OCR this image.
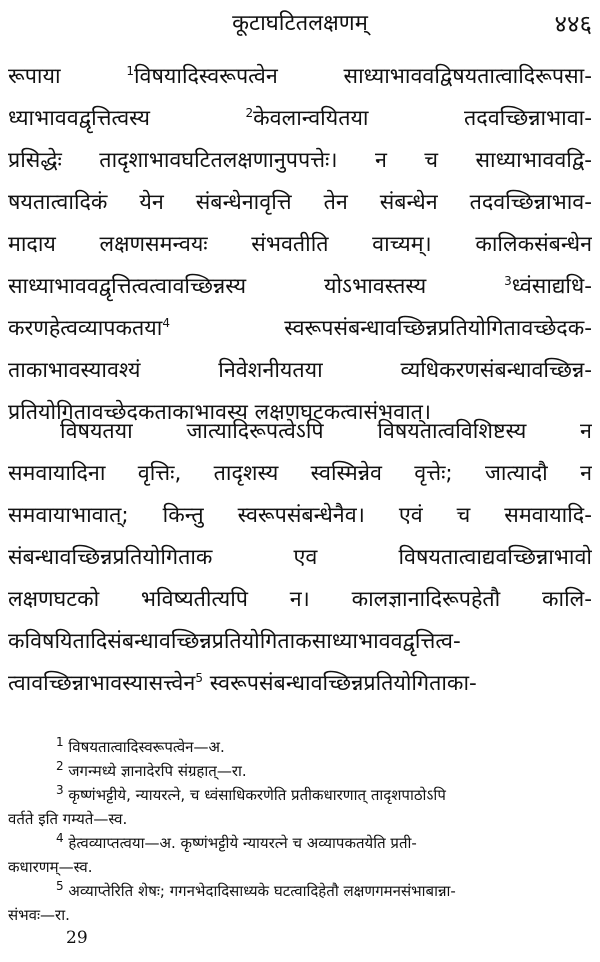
कूटाघटितलक्षणम्	४४६
रूपाया $^1$विषयादिस्वरूपत्वेन साध्याभाववद्विषयतात्वादिरूपसा-
ध्याभाववद्वृत्तित्वस्य $^2$केवलान्वयितया तदवच्छिन्नाभावा-
प्रसिद्धेः तादृशाभावघटितलक्षणानुपपत्तेः। न च साध्याभाववद्वि-
षयतात्वादिकं येन संबन्धेनावृत्ति तेन संबन्धेन तदवच्छिन्नाभाव-
मादाय लक्षणसमन्वयः संभवतीति वाच्यम्। कालिकसंबन्धेन
साध्याभाववद्वृत्तित्वत्वावच्छिन्नस्य योऽभावस्तस्य $^3$ध्वंसाद्यधि-
करणहेत्वव्यापकतया$^4$ स्वरूपसंबन्धावच्छिन्नप्रतियोगितावच्छेदक-
ताकाभावस्यावश्यं निवेशनीयतया व्यधिकरणसंबन्धावच्छिन्न-
प्रतियोगितावच्छेदकताकाभावस्य लक्षणघटकत्वासंभवात्।
विषयतया जात्यादिरूपत्वेऽपि विषयतात्वविशिष्टस्य न
समवायादिना वृत्तिः, तादृशस्य स्वस्मिन्नेव वृत्तेः; जात्यादौ न
समवायाभावात्; किन्तु स्वरूपसंबन्धेनैव। एवं च समवायादि-
संबन्धावच्छिन्नप्रतियोगिताक एव विषयतात्वाद्यवच्छिन्नाभावो
लक्षणघटको भविष्यतीत्यपि न। कालज्ञानादिरूपहेतौ कालि-
कविषयितादिसंबन्धावच्छिन्नप्रतियोगिताकसाध्याभाववद्वृत्तित्व-
त्वावच्छिन्नाभावस्यासत्त्वेन$^5$ स्वरूपसंबन्धावच्छिन्नप्रतियोगिताका-
$^1$ विषयतात्वादिस्वरूपत्वेन—अ.
$^2$ जगन्मध्ये ज्ञानादेरपि संग्रहात्—रा.
$^3$ कृष्णंभट्टीये, न्यायरत्ने, च ध्वंसाधिकरणेति प्रतीकधारणात् तादृशपाठोऽपि
वर्तते इति गम्यते—स्व.
$^4$ हेत्वव्याप्तत्वया—अ. कृष्णंभट्टीये न्यायरत्ने च अव्यापकतयेति प्रती-
कधारणम्—स्व.
$^5$ अव्याप्तेरिति शेषः; गगनभेदादिसाध्यके घटत्वादिहेतौ लक्षणगमनसंभाबान्ना-
संभवः—रा.
29
